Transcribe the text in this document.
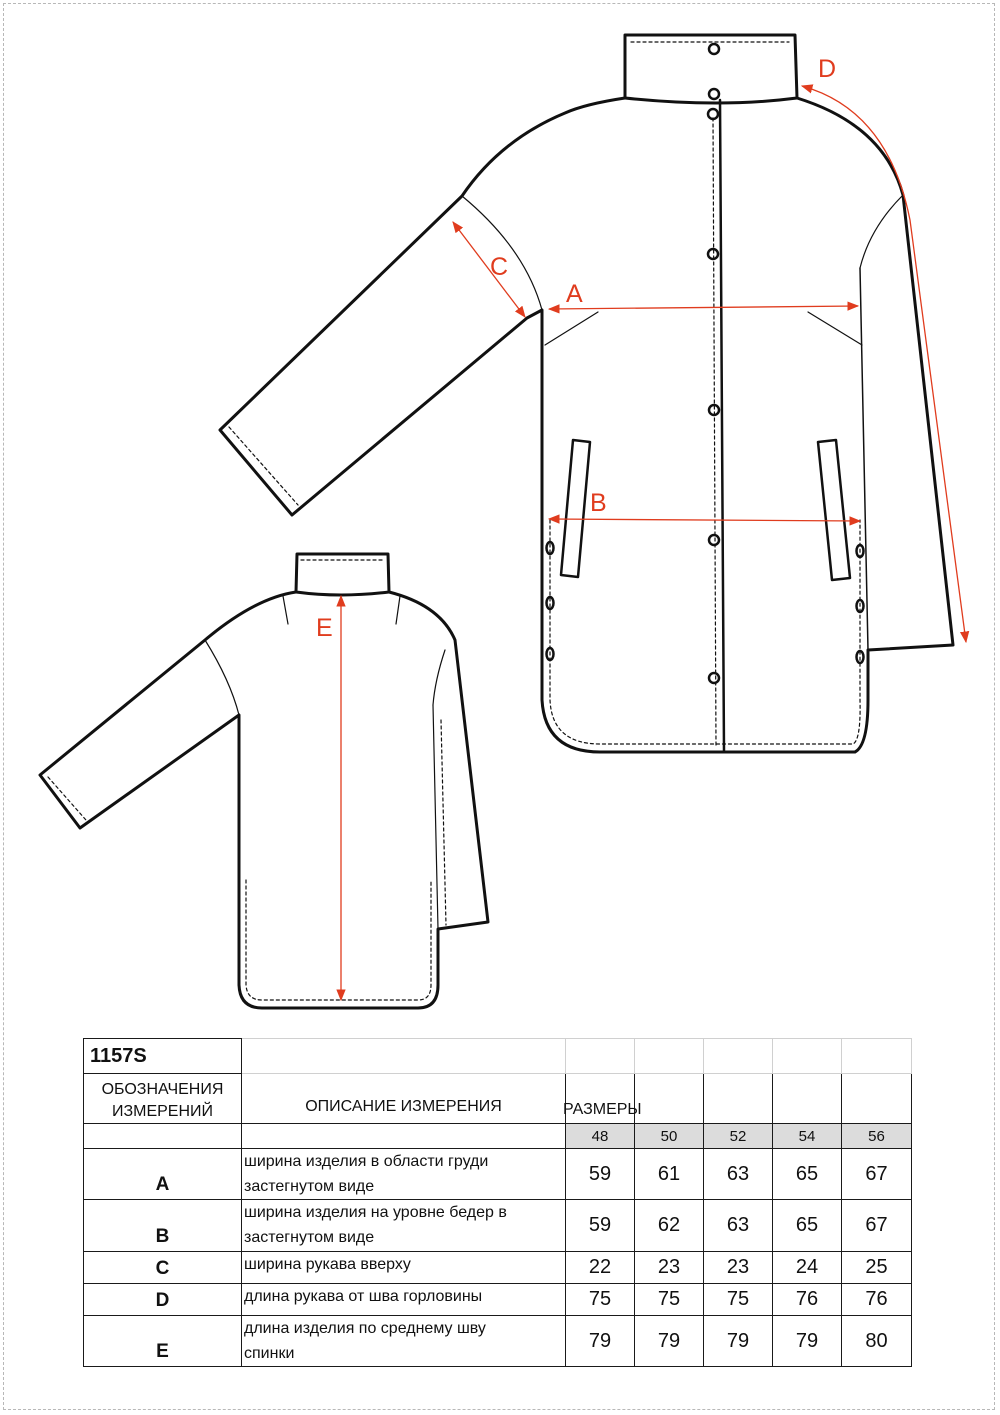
A
B
C
D
E
1157S						

ОБОЗНАЧЕНИЯ
ИЗМЕРЕНИЙ	ОПИСАНИЕ ИЗМЕРЕНИЯ	РАЗМЕРЫ				

		48	50	52	54	56
A	ширина изделия в области груди
застегнутом виде	59	61	63	65	67
B	ширина изделия на уровне бедер в
застегнутом виде	59	62	63	65	67
C	ширина рукава вверху	22	23	23	24	25
D	длина рукава от шва горловины	75	75	75	76	76
E	длина изделия по среднему шву
спинки	79	79	79	79	80
